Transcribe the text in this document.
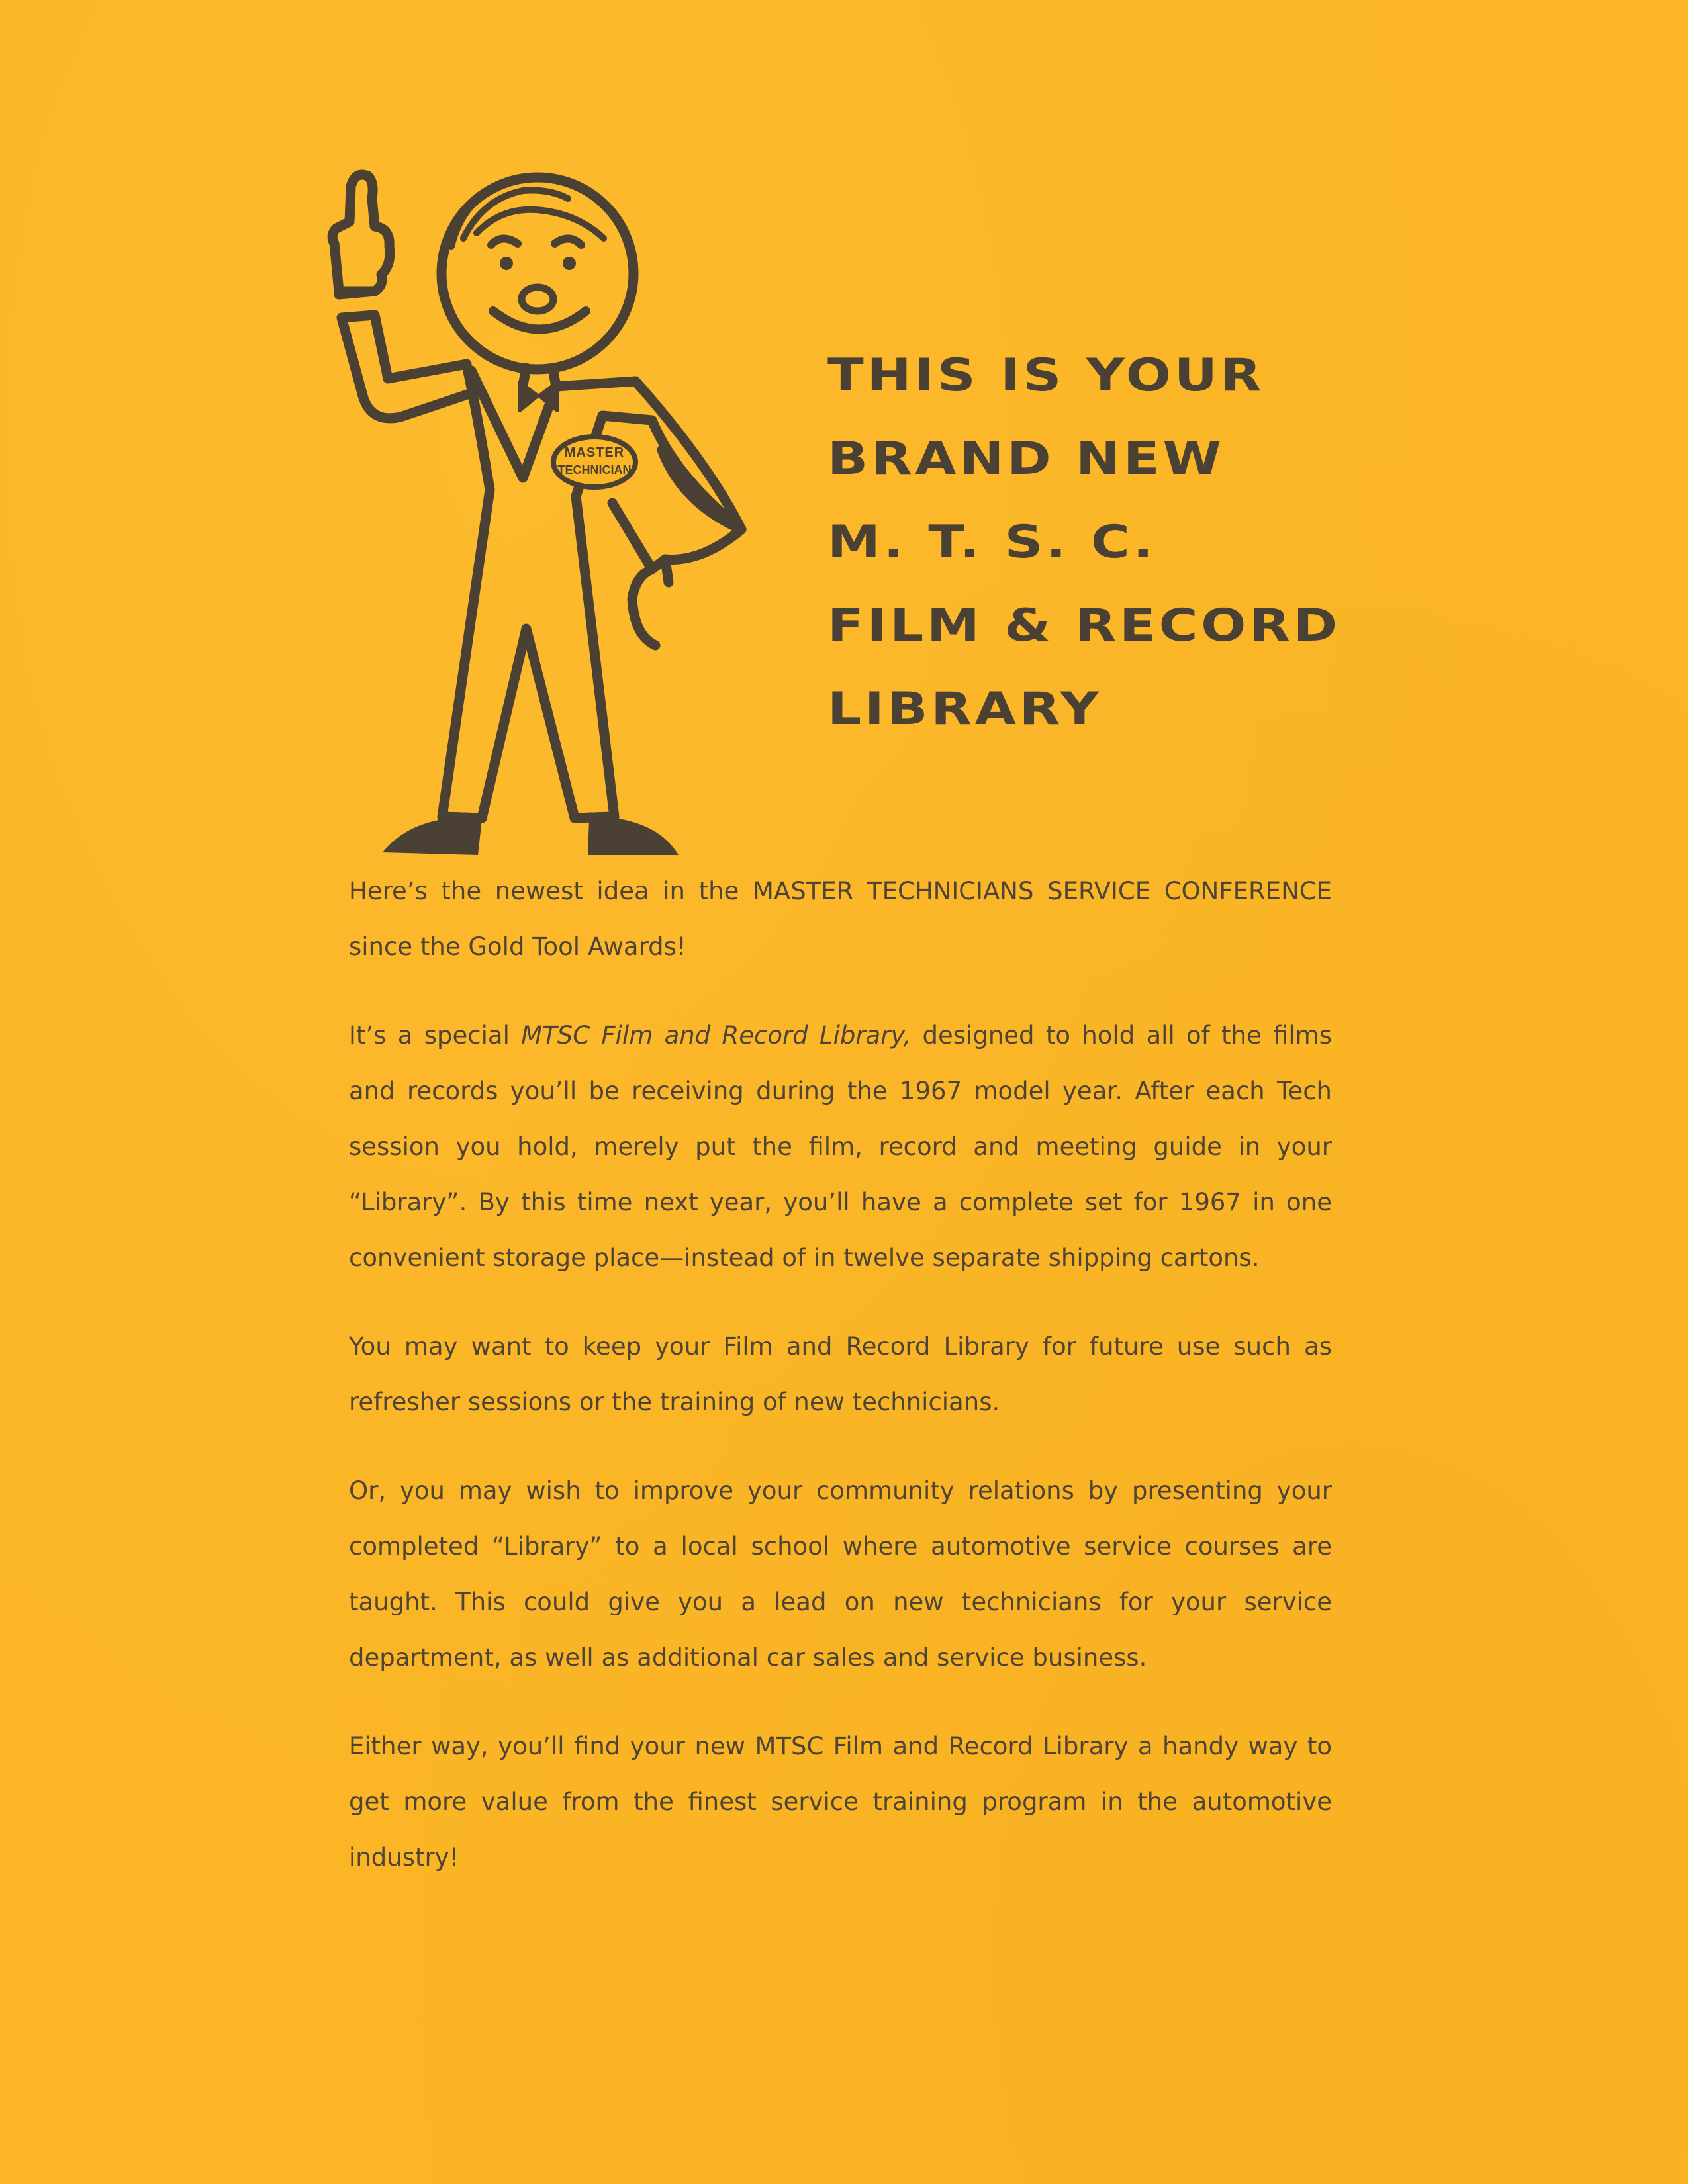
MASTER
TECHNICIAN
THIS IS YOUR
BRAND NEW
M. T. S. C.
FILM & RECORD
LIBRARY

Here’s the newest idea in the MASTER TECHNICIANS SERVICE CONFERENCE since the Gold Tool Awards!

It’s a special MTSC Film and Record Library, designed to hold all of the films and records you’ll be receiving during the 1967 model year. After each Tech session you hold, merely put the film, record and meeting guide in your “Library”. By this time next year, you’ll have a complete set for 1967 in one convenient storage place—instead of in twelve separate shipping cartons.

You may want to keep your Film and Record Library for future use such as refresher sessions or the training of new technicians.

Or, you may wish to improve your community relations by presenting your completed “Library” to a local school where automotive service courses are taught. This could give you a lead on new technicians for your service department, as well as additional car sales and service business.

Either way, you’ll find your new MTSC Film and Record Library a handy way to get more value from the finest service training program in the automotive industry!
